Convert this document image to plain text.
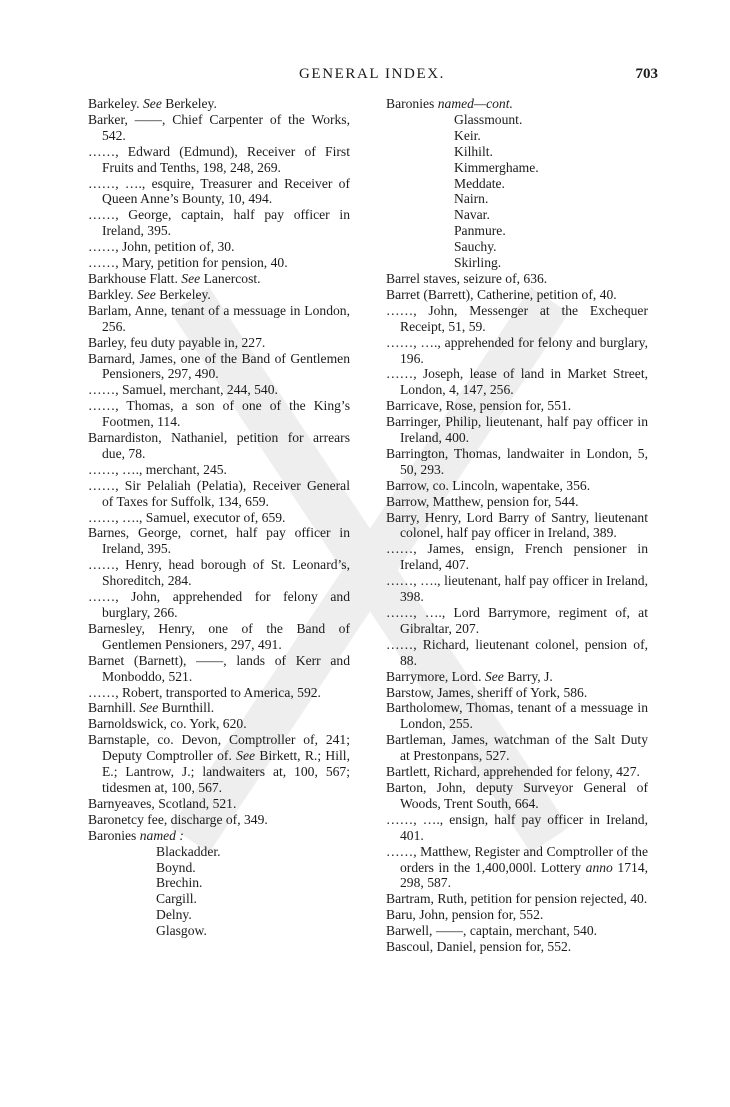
GENERAL INDEX.	703
Barkeley. See Berkeley.
Barker, ——, Chief Carpenter of the Works, 542.
……, Edward (Edmund), Receiver of First Fruits and Tenths, 198, 248, 269.
……, …., esquire, Treasurer and Receiver of Queen Anne’s Bounty, 10, 494.
……, George, captain, half pay officer in Ireland, 395.
……, John, petition of, 30.
……, Mary, petition for pension, 40.
Barkhouse Flatt. See Lanercost.
Barkley. See Berkeley.
Barlam, Anne, tenant of a messuage in London, 256.
Barley, feu duty payable in, 227.
Barnard, James, one of the Band of Gentlemen Pensioners, 297, 490.
……, Samuel, merchant, 244, 540.
……, Thomas, a son of one of the King’s Footmen, 114.
Barnardiston, Nathaniel, petition for arrears due, 78.
……, …., merchant, 245.
……, Sir Pelaliah (Pelatia), Receiver General of Taxes for Suffolk, 134, 659.
……, …., Samuel, executor of, 659.
Barnes, George, cornet, half pay officer in Ireland, 395.
……, Henry, head borough of St. Leonard’s, Shoreditch, 284.
……, John, apprehended for felony and burglary, 266.
Barnesley, Henry, one of the Band of Gentlemen Pensioners, 297, 491.
Barnet (Barnett), ——, lands of Kerr and Monboddo, 521.
……, Robert, transported to America, 592.
Barnhill. See Burnthill.
Barnoldswick, co. York, 620.
Barnstaple, co. Devon, Comptroller of, 241; Deputy Comptroller of. See Birkett, R.; Hill, E.; Lantrow, J.; landwaiters at, 100, 567; tidesmen at, 100, 567.
Barnyeaves, Scotland, 521.
Baronetcy fee, discharge of, 349.
Baronies named :
Blackadder.
Boynd.
Brechin.
Cargill.
Delny.
Glasgow.
Baronies named—cont.
Glassmount.
Keir.
Kilhilt.
Kimmerghame.
Meddate.
Nairn.
Navar.
Panmure.
Sauchy.
Skirling.
Barrel staves, seizure of, 636.
Barret (Barrett), Catherine, petition of, 40.
……, John, Messenger at the Exchequer Receipt, 51, 59.
……, …., apprehended for felony and burglary, 196.
……, Joseph, lease of land in Market Street, London, 4, 147, 256.
Barricave, Rose, pension for, 551.
Barringer, Philip, lieutenant, half pay officer in Ireland, 400.
Barrington, Thomas, landwaiter in London, 5, 50, 293.
Barrow, co. Lincoln, wapentake, 356.
Barrow, Matthew, pension for, 544.
Barry, Henry, Lord Barry of Santry, lieutenant colonel, half pay officer in Ireland, 389.
……, James, ensign, French pensioner in Ireland, 407.
……, …., lieutenant, half pay officer in Ireland, 398.
……, …., Lord Barrymore, regiment of, at Gibraltar, 207.
……, Richard, lieutenant colonel, pension of, 88.
Barrymore, Lord. See Barry, J.
Barstow, James, sheriff of York, 586.
Bartholomew, Thomas, tenant of a messuage in London, 255.
Bartleman, James, watchman of the Salt Duty at Prestonpans, 527.
Bartlett, Richard, apprehended for felony, 427.
Barton, John, deputy Surveyor General of Woods, Trent South, 664.
……, …., ensign, half pay officer in Ireland, 401.
……, Matthew, Register and Comptroller of the orders in the 1,400,000l. Lottery anno 1714, 298, 587.
Bartram, Ruth, petition for pension rejected, 40.
Baru, John, pension for, 552.
Barwell, ——, captain, merchant, 540.
Bascoul, Daniel, pension for, 552.
